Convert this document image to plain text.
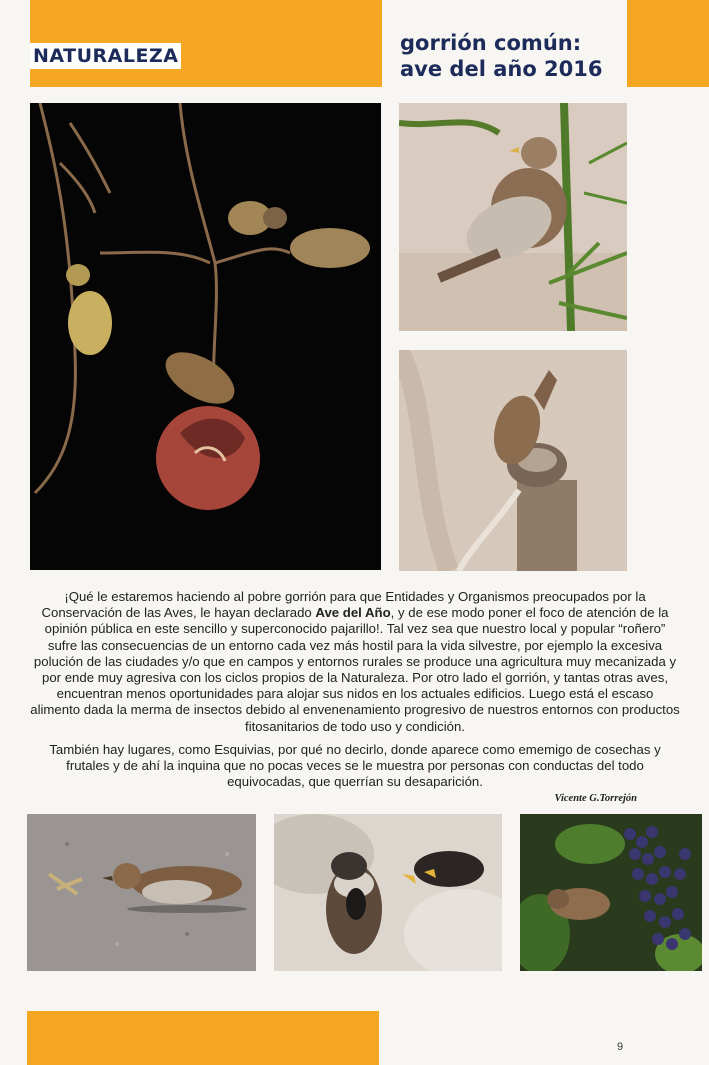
NATURALEZA
gorrión común:
ave del año 2016
¡Qué le estaremos haciendo al pobre gorrión para que Entidades y Organismos preocupados por la Conservación de las Aves, le hayan declarado Ave del Año, y de ese modo poner el foco de atención de la opinión pública en este sencillo y superconocido pajarillo!. Tal vez sea que nuestro local y popular “roñero” sufre las consecuencias de un entorno cada vez más hostil para la vida silvestre, por ejemplo la excesiva polución de las ciudades y/o que en campos y entornos rurales se produce una agricultura muy mecanizada y por ende muy agresiva con los ciclos propios de la Naturaleza. Por otro lado el gorrión, y tantas otras aves, encuentran menos oportunidades para alojar sus nidos en los actuales edificios. Luego está el escaso alimento dada la merma de insectos debido al envenenamiento progresivo de nuestros entornos con productos fitosanitarios de todo uso y condición.
También hay lugares, como Esquivias, por qué no decirlo, donde aparece como ememigo de cosechas y frutales y de ahí la inquina que no pocas veces se le muestra por personas con conductas del todo equivocadas, que querrían su desaparición.
Vicente G.Torrejón
9
